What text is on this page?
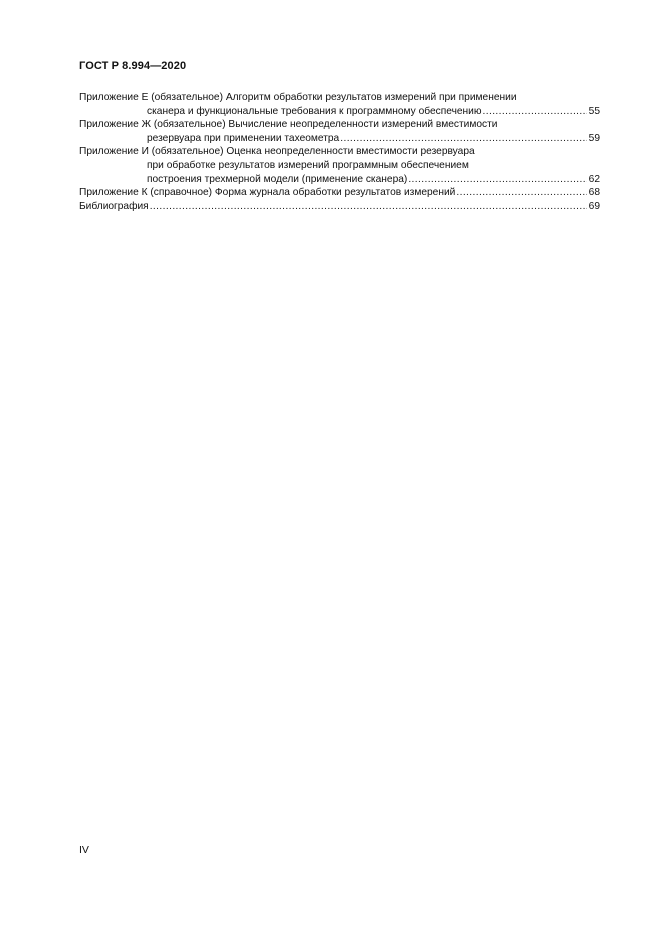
ГОСТ Р 8.994—2020
Приложение Е (обязательное) Алгоритм обработки результатов измерений при применении
сканера и функциональные требования к программному обеспечению .....	55
Приложение Ж (обязательное) Вычисление неопределенности измерений вместимости
резервуара при применении тахеометра .....	59
Приложение И (обязательное) Оценка неопределенности вместимости резервуара
при обработке результатов измерений программным обеспечением
построения трехмерной модели (применение сканера) .....	62
Приложение К (справочное) Форма журнала обработки результатов измерений .....	68
Библиография .....	69
IV
